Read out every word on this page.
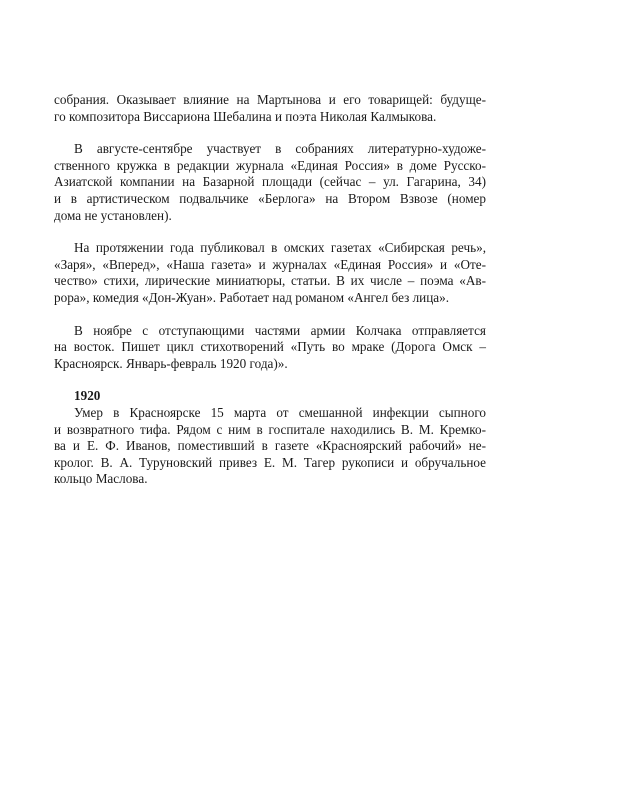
собрания. Оказывает влияние на Мартынова и его товарищей: будуще-
го композитора Виссариона Шебалина и поэта Николая Калмыкова.
В августе-сентябре участвует в собраниях литературно-художе-
ственного кружка в редакции журнала «Единая Россия» в доме Русско-
Азиатской компании на Базарной площади (сейчас – ул. Гагарина, 34)
и в артистическом подвальчике «Берлога» на Втором Взвозе (номер
дома не установлен).
На протяжении года публиковал в омских газетах «Сибирская речь»,
«Заря», «Вперед», «Наша газета» и журналах «Единая Россия» и «Оте-
чество» стихи, лирические миниатюры, статьи. В их числе – поэма «Ав-
рора», комедия «Дон-Жуан». Работает над романом «Ангел без лица».
В ноябре с отступающими частями армии Колчака отправляется
на восток. Пишет цикл стихотворений «Путь во мраке (Дорога Омск –
Красноярск. Январь-февраль 1920 года)».
1920
Умер в Красноярске 15 марта от смешанной инфекции сыпного
и возвратного тифа. Рядом с ним в госпитале находились В. М. Кремко-
ва и Е. Ф. Иванов, поместивший в газете «Красноярский рабочий» не-
кролог. В. А. Туруновский привез Е. М. Тагер рукописи и обручальное
кольцо Маслова.
